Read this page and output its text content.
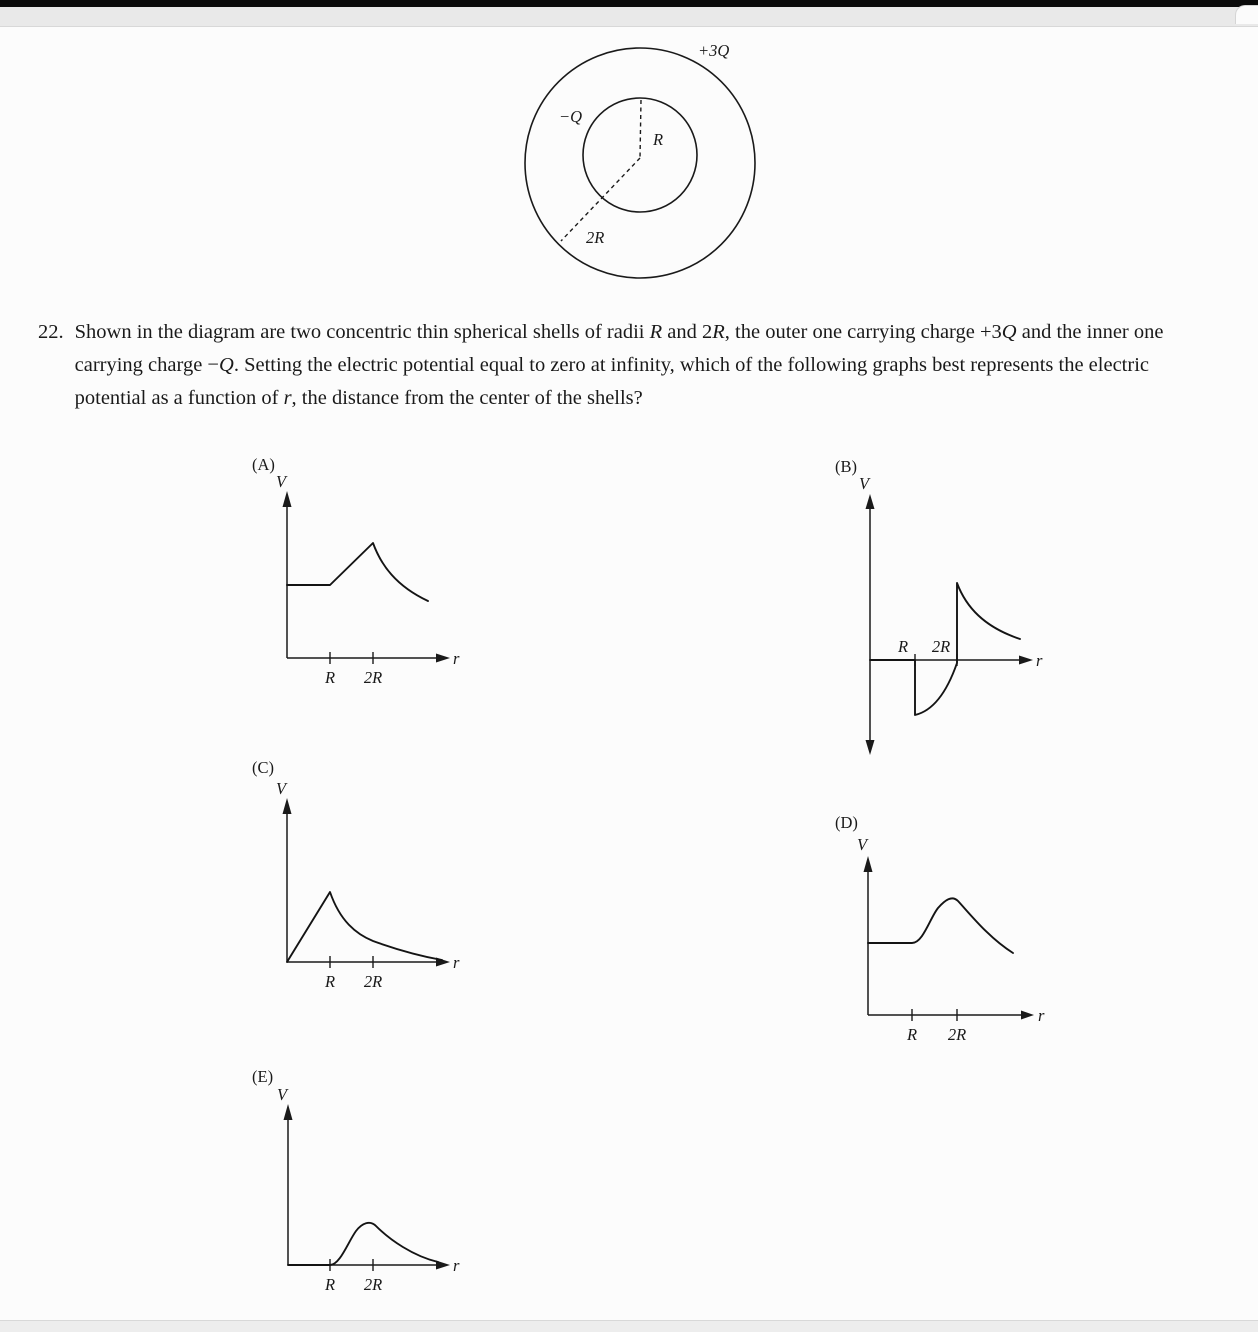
+3Q
−Q
R
2R
22. Shown in the diagram are two concentric thin spherical shells of radii R and 2R, the outer one carrying charge +3Q and the inner one carrying charge −Q. Setting the electric potential equal to zero at infinity, which of the following graphs best represents the electric potential as a function of r, the distance from the center of the shells?
(A)
V
r
R 2R
(B)
V
r
R 2R
(C)
V
r
R 2R
(D)
V
r
R 2R
(E)
V
r
R 2R
